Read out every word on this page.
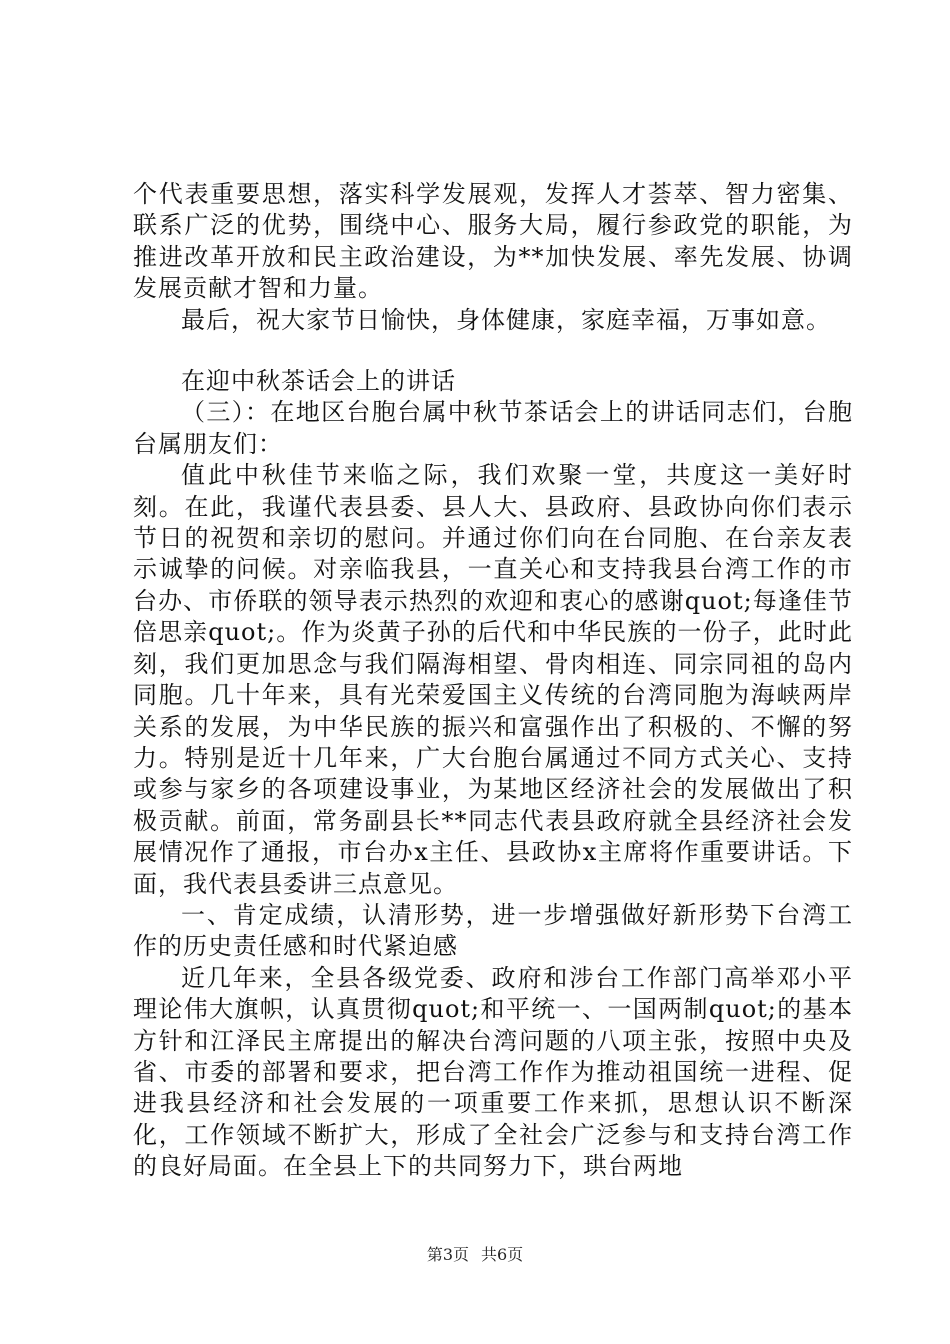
个代表重要思想，落实科学发展观，发挥人才荟萃、智力密集、联系广泛的优势，围绕中心、服务大局，履行参政党的职能，为推进改革开放和民主政治建设，为**加快发展、率先发展、协调发展贡献才智和力量。

最后，祝大家节日愉快，身体健康，家庭幸福，万事如意。

在迎中秋茶话会上的讲话

（三）：在地区台胞台属中秋节茶话会上的讲话同志们，台胞台属朋友们：

值此中秋佳节来临之际，我们欢聚一堂，共度这一美好时刻。在此，我谨代表县委、县人大、县政府、县政协向你们表示节日的祝贺和亲切的慰问。并通过你们向在台同胞、在台亲友表示诚挚的问候。对亲临我县，一直关心和支持我县台湾工作的市台办、市侨联的领导表示热烈的欢迎和衷心的感谢quot;每逢佳节倍思亲quot;。作为炎黄子孙的后代和中华民族的一份子，此时此刻，我们更加思念与我们隔海相望、骨肉相连、同宗同祖的岛内同胞。几十年来，具有光荣爱国主义传统的台湾同胞为海峡两岸关系的发展，为中华民族的振兴和富强作出了积极的、不懈的努力。特别是近十几年来，广大台胞台属通过不同方式关心、支持或参与家乡的各项建设事业，为某地区经济社会的发展做出了积极贡献。前面，常务副县长**同志代表县政府就全县经济社会发展情况作了通报，市台办x主任、县政协x主席将作重要讲话。下面，我代表县委讲三点意见。

一、肯定成绩，认清形势，进一步增强做好新形势下台湾工作的历史责任感和时代紧迫感

近几年来，全县各级党委、政府和涉台工作部门高举邓小平理论伟大旗帜，认真贯彻quot;和平统一、一国两制quot;的基本方针和江泽民主席提出的解决台湾问题的八项主张，按照中央及省、市委的部署和要求，把台湾工作作为推动祖国统一进程、促进我县经济和社会发展的一项重要工作来抓，思想认识不断深化，工作领域不断扩大，形成了全社会广泛参与和支持台湾工作的良好局面。在全县上下的共同努力下，珙台两地

第3页 共6页
